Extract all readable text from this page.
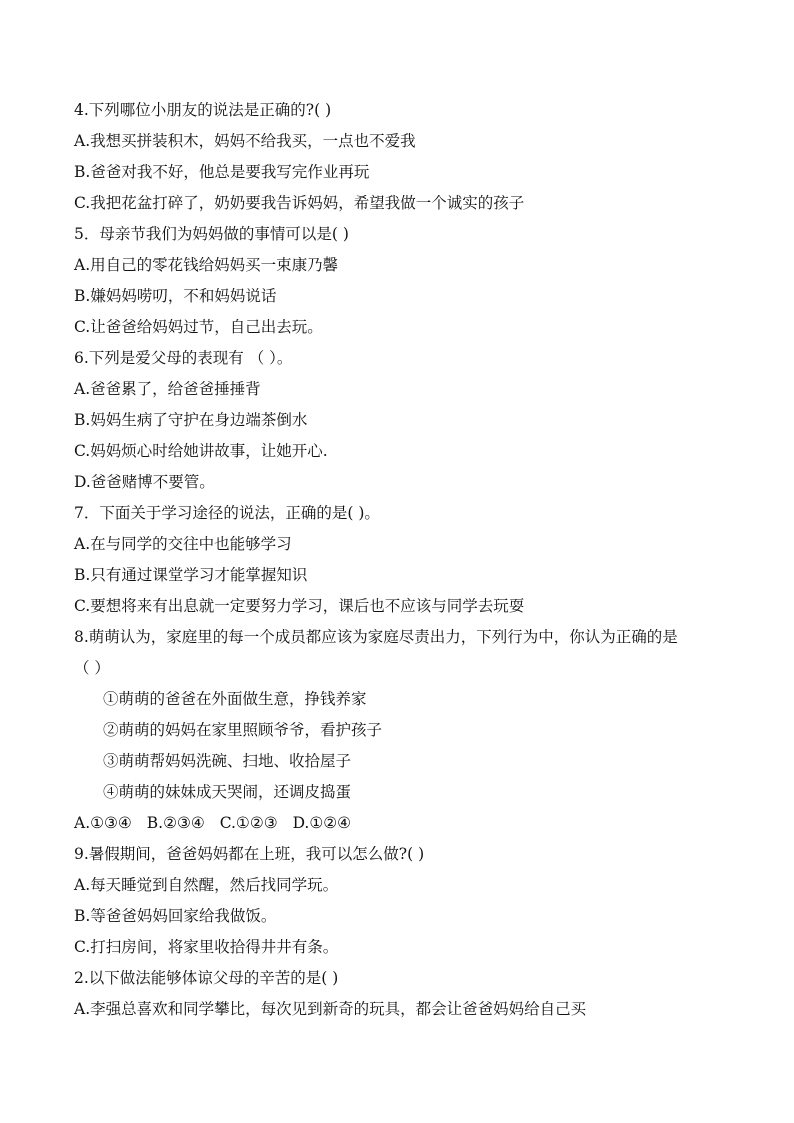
4.下列哪位小朋友的说法是正确的?( )
A.我想买拼装积木，妈妈不给我买，一点也不爱我
B.爸爸对我不好，他总是要我写完作业再玩
C.我把花盆打碎了，奶奶要我告诉妈妈，希望我做一个诚实的孩子
5．母亲节我们为妈妈做的事情可以是( )
A.用自己的零花钱给妈妈买一束康乃馨
B.嫌妈妈唠叨，不和妈妈说话
C.让爸爸给妈妈过节，自己出去玩。
6.下列是爱父母的表现有 （ ）。
A.爸爸累了，给爸爸捶捶背
B.妈妈生病了守护在身边端茶倒水
C.妈妈烦心时给她讲故事，让她开心.
D.爸爸赌博不要管。
7．下面关于学习途径的说法，正确的是( )。
A.在与同学的交往中也能够学习
B.只有通过课堂学习才能掌握知识
C.要想将来有出息就一定要努力学习，课后也不应该与同学去玩耍
8.萌萌认为，家庭里的每一个成员都应该为家庭尽责出力，下列行为中，你认为正确的是
（ ）
①萌萌的爸爸在外面做生意，挣钱养家
②萌萌的妈妈在家里照顾爷爷，看护孩子
③萌萌帮妈妈洗碗、扫地、收拾屋子
④萌萌的妹妹成天哭闹，还调皮捣蛋
A.①③④ B.②③④ C.①②③ D.①②④
9.暑假期间，爸爸妈妈都在上班，我可以怎么做?( )
A.每天睡觉到自然醒，然后找同学玩。
B.等爸爸妈妈回家给我做饭。
C.打扫房间，将家里收拾得井井有条。
2.以下做法能够体谅父母的辛苦的是( )
A.李强总喜欢和同学攀比，每次见到新奇的玩具，都会让爸爸妈妈给自己买
